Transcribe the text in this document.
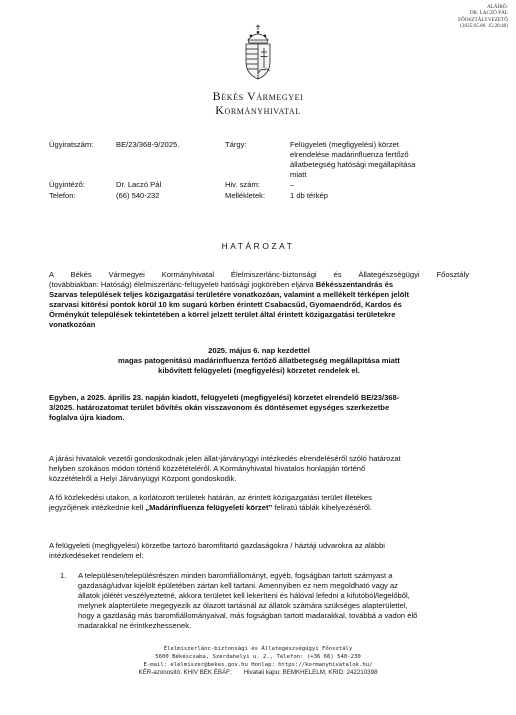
ALÁÍRÓ:
DR. LACZÓ PÁL
FŐOSZTÁLYVEZETŐ
(2025.05.06. 15:20:46)
Békés Vármegyei
Kormányhivatal
Ügyiratszám:	BE/23/368-9/2025.	Tárgy:	Felügyeleti (megfigyelési) körzet
elrendelése madárinfluenza fertőző
állatbetegség hatósági megállapítása
miatt
Ügyintéző:	Dr. Laczó Pál	Hiv. szám:	–
Telefon:	(66) 540-232	Mellékletek:	1 db térkép
HATÁROZAT
A Békés Vármegyei Kormányhivatal Élelmiszerlánc-biztonsági és Állategészségügyi Főosztály
(továbbiakban: Hatóság) élelmiszerlánc-felügyeleti hatósági jogkörében eljárva Békésszentandrás és
Szarvas települések teljes közigazgatási területére vonatkozóan, valamint a mellékelt térképen jelölt
szarvasi kitörési pontok körül 10 km sugarú körben érintett Csabacsűd, Gyomaendrőd, Kardos és
Örménykút települések tekintetében a körrel jelzett terület által érintett közigazgatási területekre
vonatkozóan
2025. május 6. nap kezdettel
magas patogenitású madárinfluenza fertőző állatbetegség megállapítása miatt
kibővített felügyeleti (megfigyelési) körzetet rendelek el.
Egyben, a 2025. április 23. napján kiadott, felügyeleti (megfigyelési) körzetet elrendelő BE/23/368-
3/2025. határozatomat terület bővítés okán visszavonom és döntésemet egységes szerkezetbe
foglalva újra kiadom.
A járási hivatalok vezetői gondoskodnak jelen állat-járványügyi intézkedés elrendeléséről szóló határozat
helyben szokásos módon történő közzétételéről. A Kormányhivatal hivatalos honlapján történő
közzétételről a Helyi Járványügyi Központ gondoskodik.
A fő közlekedési utakon, a korlátozott területek határán, az érintett közigazgatási terület illetékes
jegyzőjének intézkednie kell „Madárinfluenza felügyeleti körzet” feliratú táblák kihelyezéséről.
A felügyeleti (megfigyelési) körzetbe tartozó baromfitartó gazdaságokra / háztáji udvarokra az alábbi
intézkedéseket rendelem el:
1. A településen/településrészen minden baromfiállományt, egyéb, fogságban tartott számyast a
gazdaság/udvar kijelölt épületében zártan kell tartani. Amennyiben ez nem megoldható vagy az
állatok jólétét veszélyeztetné, akkora területet kell lekeríteni és hálóval lefedni a kifutóból/legelőből,
melynek alapterülete megegyezik az ólazott tartásnál az állatok számára szükséges alapterülettel,
hogy a gazdaság más baromfiállományaival, más fogságban tartott madarakkal, továbbá a vadon élő
madarakkal ne érintkezhessenek.
Élelmiszerlánc-biztonsági és Állategészségügyi Főosztály
5600 Békéscsaba, Szerdahelyi u. 2., Telefon: (+36 66) 540-230
E-mail: elelmiszer@bekes.gov.hu Honlap: https://kormanyhivatalok.hu/
KÉR-azonosító: KHIV BEK ÉBÁF; Hivatali kapu: BEMKHELELM, KRID: 242210398
